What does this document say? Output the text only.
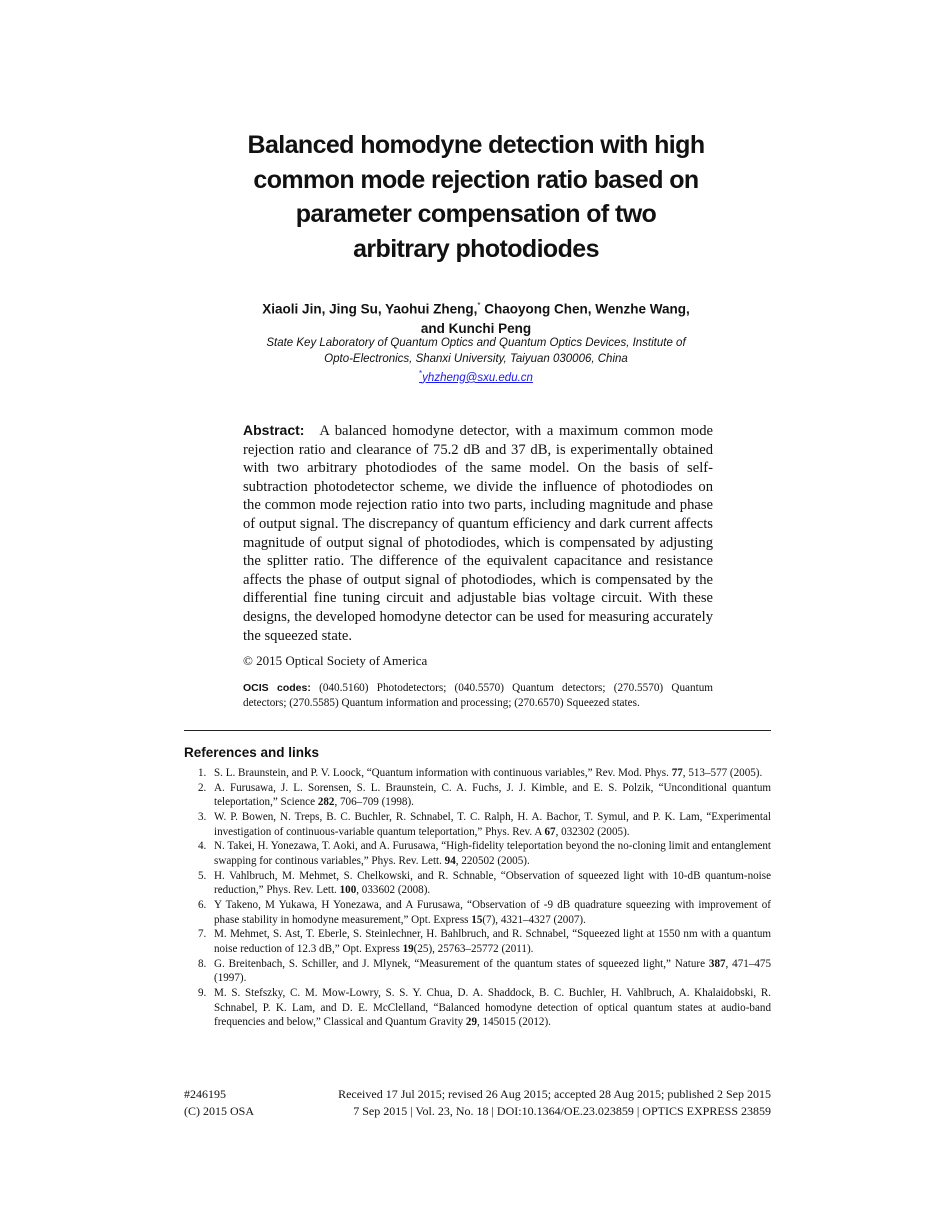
Balanced homodyne detection with high
common mode rejection ratio based on
parameter compensation of two
arbitrary photodiodes
Xiaoli Jin, Jing Su, Yaohui Zheng,* Chaoyong Chen, Wenzhe Wang,
and Kunchi Peng
State Key Laboratory of Quantum Optics and Quantum Optics Devices, Institute of
Opto-Electronics, Shanxi University, Taiyuan 030006, China
*yhzheng@sxu.edu.cn
Abstract: A balanced homodyne detector, with a maximum common mode rejection ratio and clearance of 75.2 dB and 37 dB, is experimentally obtained with two arbitrary photodiodes of the same model. On the basis of self-subtraction photodetector scheme, we divide the influence of photodiodes on the common mode rejection ratio into two parts, including magnitude and phase of output signal. The discrepancy of quantum efficiency and dark current affects magnitude of output signal of photodiodes, which is compensated by adjusting the splitter ratio. The difference of the equivalent capacitance and resistance affects the phase of output signal of photodiodes, which is compensated by the differential fine tuning circuit and adjustable bias voltage circuit. With these designs, the developed homodyne detector can be used for measuring accurately the squeezed state.
© 2015 Optical Society of America
OCIS codes: (040.5160) Photodetectors; (040.5570) Quantum detectors; (270.5570) Quantum detectors; (270.5585) Quantum information and processing; (270.6570) Squeezed states.
References and links
1. S. L. Braunstein, and P. V. Loock, “Quantum information with continuous variables,” Rev. Mod. Phys. 77, 513–577 (2005).
2. A. Furusawa, J. L. Sorensen, S. L. Braunstein, C. A. Fuchs, J. J. Kimble, and E. S. Polzik, “Unconditional quantum teleportation,” Science 282, 706–709 (1998).
3. W. P. Bowen, N. Treps, B. C. Buchler, R. Schnabel, T. C. Ralph, H. A. Bachor, T. Symul, and P. K. Lam, “Experimental investigation of continuous-variable quantum teleportation,” Phys. Rev. A 67, 032302 (2005).
4. N. Takei, H. Yonezawa, T. Aoki, and A. Furusawa, “High-fidelity teleportation beyond the no-cloning limit and entanglement swapping for continous variables,” Phys. Rev. Lett. 94, 220502 (2005).
5. H. Vahlbruch, M. Mehmet, S. Chelkowski, and R. Schnable, “Observation of squeezed light with 10-dB quantum-noise reduction,” Phys. Rev. Lett. 100, 033602 (2008).
6. Y Takeno, M Yukawa, H Yonezawa, and A Furusawa, “Observation of -9 dB quadrature squeezing with improvement of phase stability in homodyne measurement,” Opt. Express 15(7), 4321–4327 (2007).
7. M. Mehmet, S. Ast, T. Eberle, S. Steinlechner, H. Bahlbruch, and R. Schnabel, “Squeezed light at 1550 nm with a quantum noise reduction of 12.3 dB,” Opt. Express 19(25), 25763–25772 (2011).
8. G. Breitenbach, S. Schiller, and J. Mlynek, “Measurement of the quantum states of squeezed light,” Nature 387, 471–475 (1997).
9. M. S. Stefszky, C. M. Mow-Lowry, S. S. Y. Chua, D. A. Shaddock, B. C. Buchler, H. Vahlbruch, A. Khalaidobski, R. Schnabel, P. K. Lam, and D. E. McClelland, “Balanced homodyne detection of optical quantum states at audio-band frequencies and below,” Classical and Quantum Gravity 29, 145015 (2012).
#246195	Received 17 Jul 2015; revised 26 Aug 2015; accepted 28 Aug 2015; published 2 Sep 2015
(C) 2015 OSA	7 Sep 2015 | Vol. 23, No. 18 | DOI:10.1364/OE.23.023859 | OPTICS EXPRESS 23859
